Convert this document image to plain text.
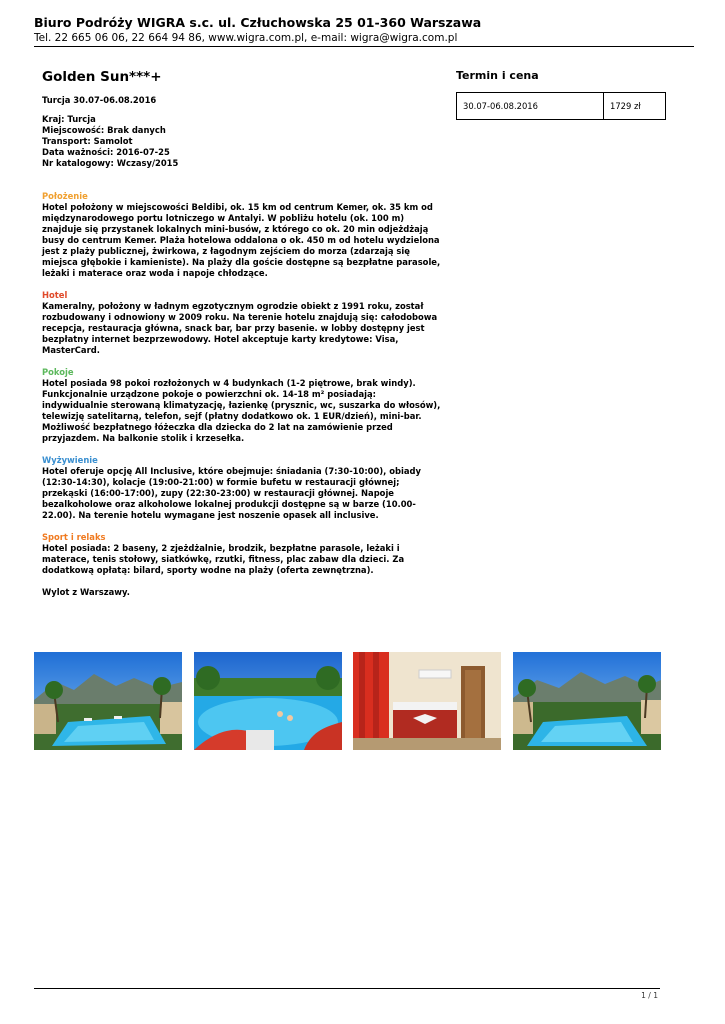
Biuro Podróży WIGRA s.c. ul. Człuchowska 25 01-360 Warszawa
Tel. 22 665 06 06, 22 664 94 86, www.wigra.com.pl, e-mail: wigra@wigra.com.pl
Golden Sun***+
Turcja 30.07-06.08.2016
Kraj: Turcja
Miejscowość: Brak danych
Transport: Samolot
Data ważności: 2016-07-25
Nr katalogowy: Wczasy/2015
Położenie
Hotel położony w miejscowości Beldibi, ok. 15 km od centrum Kemer, ok. 35 km od międzynarodowego portu lotniczego w Antalyi. W pobliżu hotelu (ok. 100 m) znajduje się przystanek lokalnych mini-busów, z którego co ok. 20 min odjeżdżają busy do centrum Kemer. Plaża hotelowa oddalona o ok. 450 m od hotelu wydzielona jest z plaży publicznej, żwirkowa, z łagodnym zejściem do morza (zdarzają się miejsca głębokie i kamieniste). Na plaży dla goście dostępne są bezpłatne parasole, leżaki i materace oraz woda i napoje chłodzące.
Hotel
Kameralny, położony w ładnym egzotycznym ogrodzie obiekt z 1991 roku, został rozbudowany i odnowiony w 2009 roku. Na terenie hotelu znajdują się: całodobowa recepcja, restauracja główna, snack bar, bar przy basenie. w lobby dostępny jest bezpłatny internet bezprzewodowy. Hotel akceptuje karty kredytowe: Visa, MasterCard.
Pokoje
Hotel posiada 98 pokoi rozłożonych w 4 budynkach (1-2 piętrowe, brak windy). Funkcjonalnie urządzone pokoje o powierzchni ok. 14-18 m² posiadają: indywidualnie sterowaną klimatyzację, łazienkę (prysznic, wc, suszarka do włosów), telewizję satelitarną, telefon, sejf (płatny dodatkowo ok. 1 EUR/dzień), mini-bar. Możliwość bezpłatnego łóżeczka dla dziecka do 2 lat na zamówienie przed przyjazdem. Na balkonie stolik i krzesełka.
Wyżywienie
Hotel oferuje opcję All Inclusive, które obejmuje: śniadania (7:30-10:00), obiady (12:30-14:30), kolacje (19:00-21:00) w formie bufetu w restauracji głównej; przekąski (16:00-17:00), zupy (22:30-23:00) w restauracji głównej. Napoje bezalkoholowe oraz alkoholowe lokalnej produkcji dostępne są w barze (10.00-22.00). Na terenie hotelu wymagane jest noszenie opasek all inclusive.
Sport i relaks
Hotel posiada: 2 baseny, 2 zjeżdżalnie, brodzik, bezpłatne parasole, leżaki i materace, tenis stołowy, siatkówkę, rzutki, fitness, plac zabaw dla dzieci. Za dodatkową opłatą: bilard, sporty wodne na plaży (oferta zewnętrzna).
Wylot z Warszawy.
Termin i cena
30.07-06.08.2016	1729 zł
1 / 1
